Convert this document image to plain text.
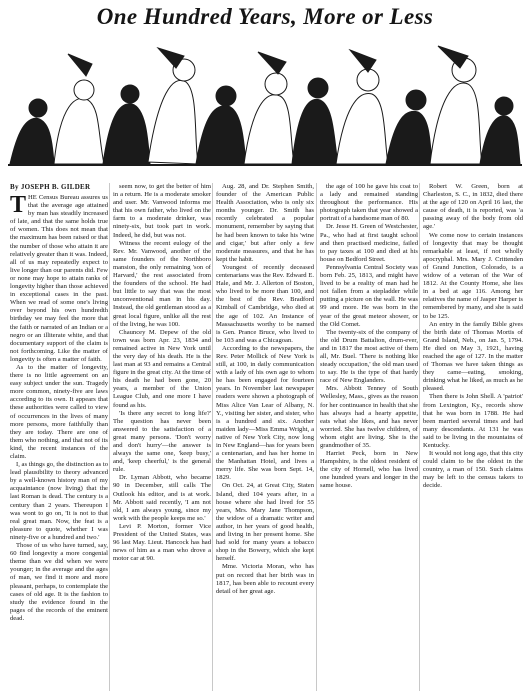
One Hundred Years, More or Less
By JOSEPH B. GILDER

THE Census Bureau assures us that the average age attained by man has steadily increased of late, and that the same holds true of women. This does not mean that the maximum has been raised or that the number of those who attain it are relatively greater than it was. Indeed, all of us may repeatedly expect to live longer than our parents did. Few or none may hope to attain ranks of longevity higher than those achieved in exceptional cases in the past. When we read of some one's living over beyond his own hundredth birthday we may feel the more that the faith or narrated of an Indian or a negro or an illiterate white, and that documentary support of the claim is not forthcoming. Like the matter of longevity is often a matter of faith.

As to the matter of longevity, there is no little agreement on an easy subject under the sun. Tragedy more common, ninety-five are laws according to its own. It appears that these authorities were called to view of occurrences in the lives of many more persons, more faithfully than they are today. There are one of them who nothing, and that not of its kind, the recent instances of the claim.

I, as things go, the distinction as to lead plausibility to theory advanced by a well-known history man of my acquaintance (now living) that the last Roman is dead. The century is a century than 2 years. Thereupon I was wont to go on, 'It is not to that real great man. Now, the feat is a pleasure to quote, whether I was ninety-five or a hundred and two.'

Those of us who have turned, say, 60 find longevity a more congenial theme than we did when we were younger; in the average and the ages of man, we find it more and more pleasant, perhaps, to contemplate the cases of old age. It is the fashion to study the evidence found in the pages of the records of the eminent dead.

seem now, to get the better of him in a return. He is a moderate smoker and user. Mr. Vanwood informs me that his own father, who lived on the farm to a moderate drinker, was ninety-six, but took part in work. Indeed, he did, but was not.

Witness the recent eulogy of the Rev. Mr. Vanwood, another of the same founders of the Northboro mansion, the only remaining 'son of Harvard,' the rest associated from the founders of the school. He had but little to say that was the most unconventional man in his day. Instead, the old gentleman stood as a great local figure, unlike all the rest of the living, he was 100.

Chauncey M. Depew of the old town was born Apr. 23, 1834 and remained active in New York until the very day of his death. He is the last man at 93 and remains a Central figure in the great city. At the time of his death he had been gone, 20 years, a member of the Union League Club, and one more I have found as his.

'Is there any secret to long life?' The question has never been answered to the satisfaction of a great many persons. 'Don't worry and don't hurry'—the answer is always the same one, 'keep busy,' and, 'keep cheerful,' is the general rule.

Dr. Lyman Abbott, who became 90 in December, still calls The Outlook his editor, and is at work. Mr. Abbott said recently, 'I am not old, I am always young, since my work with the people keeps me so.'

Levi P. Morton, former Vice President of the United States, was 96 last May. Lieut. Hancock has had news of him as a man who drove a motor car at 90.

Aug. 28, and Dr. Stephen Smith, founder of the American Public Health Association, who is only six months younger. Dr. Smith has recently celebrated a popular monument, remember by saying that he had been known to take his 'wine and cigar,' but after only a few moderate measures, and that he has kept the habit.

Youngest of recently deceased centenarians was the Rev. Edward E. Hale, and Mr. J. Allerton of Boston, who lived to be more than 100, and the best of the Rev. Bradford Kimball of Cambridge, who died at the age of 102. An Instance of Massachusetts worthy to be named is Gen. Prance Bruce, who lived to be 103 and was a Chicagoan.

According to the newspapers, the Rev. Peter Mollick of New York is still, at 100, in daily communication with a lady of his own age to whom he has been engaged for fourteen years. In November last newspaper readers were shown a photograph of Miss Alice Van Lear of Albany, N. Y., visiting her sister, and sister, who is a hundred and six. Another maiden lady—Miss Emma Wright, a native of New York City, now long in New England—has for years been a centenarian, and has her home in the Manhattan Hotel, and lives a merry life. She was born Sept. 14, 1829.

On Oct. 24, at Great City, Staten Island, died 104 years after, in a house where she had lived for 55 years, Mrs. Mary Jane Thompson, the widow of a dramatic writer and author, in her years of good health, and living in her present home. She had sold for many years a tobacco shop in the Bowery, which she kept herself.

Mme. Victoria Moran, who has put on record that her birth was in 1817, has been able to recount every detail of her great age.

the age of 100 he gave his coat to a lady and remained standing throughout the performance. His photograph taken that year showed a portrait of a handsome man of 80.

Dr. Jesse H. Green of Westchester, Pa., who had at first taught school and then practised medicine, failed to pay taxes at 100 and died at his house on Bedford Street.

Pennsylvania Central Society was born Feb. 25, 1813, and might have lived to be a reality of man had he not fallen from a stepladder while putting a picture on the wall. He was 99 and more. He was born in the year of the great meteor shower, or the Old Comet.

The twenty-six of the company of the old Drum Battalion, drum-ever, and in 1817 the most active of them all, Mr. Buel. 'There is nothing like steady occupation,' the old man used to say. He is the type of that hardy race of New Englanders.

Mrs. Abbott Tenney of South Wellesley, Mass., gives as the reason for her continuance in health that she has always had a hearty appetite, eats what she likes, and has never worried. She has twelve children, of whom eight are living. She is the grandmother of 35.

Harriet Peck, born in New Hampshire, is the oldest resident of the city of Hornell, who has lived one hundred years and longer in the same house.

Robert W. Green, born at Charleston, S. C., in 1832, died there at the age of 120 on April 16 last, the cause of death, it is reported, was 'a passing away of the body from old age.'

We come now to certain instances of longevity that may be thought remarkable at least, if not wholly apocryphal. Mrs. Mary J. Crittenden of Grand Junction, Colorado, is a widow of a veteran of the War of 1812. At the County Home, she lies in a bed at age 116. Among her relatives the name of Jasper Harper is remembered by many, and she is said to be 125.

An entry in the family Bible gives the birth date of Thomas Mortis of Grand Island, Neb., on Jan. 5, 1794. He died on May 3, 1921, having reached the age of 127. In the matter of Thomas we have taken things as they came—eating, smoking, drinking what he liked, as much as he pleased.

Then there is John Shell. A 'patriot' from Lexington, Ky., records show that he was born in 1788. He had been married several times and had many descendants. At 131 he was said to be living in the mountains of Kentucky.

It would not long ago, that this city could claim to be the oldest in the country, a man of 150. Such claims may be left to the census takers to decide.
